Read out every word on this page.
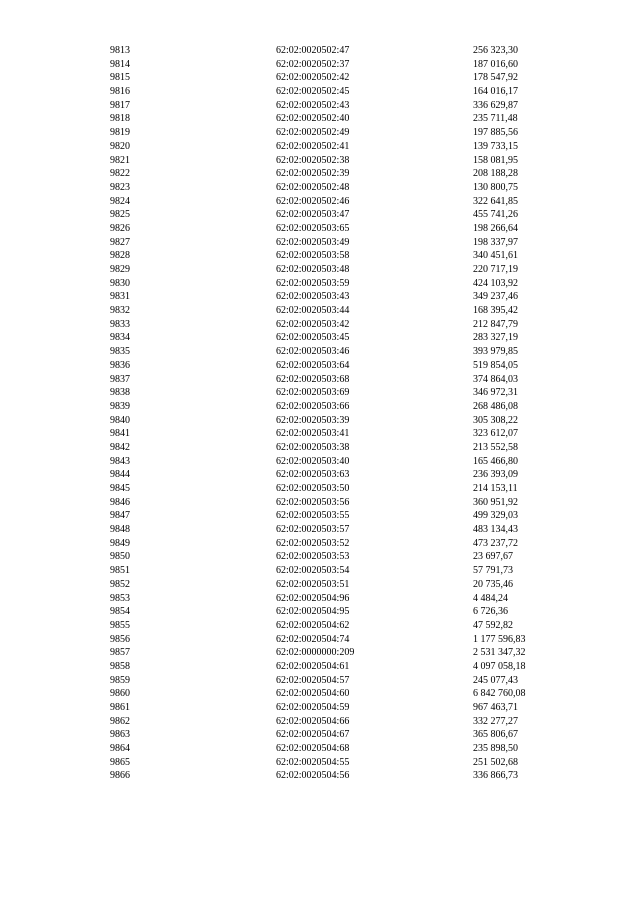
9813	62:02:0020502:47	256 323,30
9814	62:02:0020502:37	187 016,60
9815	62:02:0020502:42	178 547,92
9816	62:02:0020502:45	164 016,17
9817	62:02:0020502:43	336 629,87
9818	62:02:0020502:40	235 711,48
9819	62:02:0020502:49	197 885,56
9820	62:02:0020502:41	139 733,15
9821	62:02:0020502:38	158 081,95
9822	62:02:0020502:39	208 188,28
9823	62:02:0020502:48	130 800,75
9824	62:02:0020502:46	322 641,85
9825	62:02:0020503:47	455 741,26
9826	62:02:0020503:65	198 266,64
9827	62:02:0020503:49	198 337,97
9828	62:02:0020503:58	340 451,61
9829	62:02:0020503:48	220 717,19
9830	62:02:0020503:59	424 103,92
9831	62:02:0020503:43	349 237,46
9832	62:02:0020503:44	168 395,42
9833	62:02:0020503:42	212 847,79
9834	62:02:0020503:45	283 327,19
9835	62:02:0020503:46	393 979,85
9836	62:02:0020503:64	519 854,05
9837	62:02:0020503:68	374 864,03
9838	62:02:0020503:69	346 972,31
9839	62:02:0020503:66	268 486,08
9840	62:02:0020503:39	305 308,22
9841	62:02:0020503:41	323 612,07
9842	62:02:0020503:38	213 552,58
9843	62:02:0020503:40	165 466,80
9844	62:02:0020503:63	236 393,09
9845	62:02:0020503:50	214 153,11
9846	62:02:0020503:56	360 951,92
9847	62:02:0020503:55	499 329,03
9848	62:02:0020503:57	483 134,43
9849	62:02:0020503:52	473 237,72
9850	62:02:0020503:53	23 697,67
9851	62:02:0020503:54	57 791,73
9852	62:02:0020503:51	20 735,46
9853	62:02:0020504:96	4 484,24
9854	62:02:0020504:95	6 726,36
9855	62:02:0020504:62	47 592,82
9856	62:02:0020504:74	1 177 596,83
9857	62:02:0000000:209	2 531 347,32
9858	62:02:0020504:61	4 097 058,18
9859	62:02:0020504:57	245 077,43
9860	62:02:0020504:60	6 842 760,08
9861	62:02:0020504:59	967 463,71
9862	62:02:0020504:66	332 277,27
9863	62:02:0020504:67	365 806,67
9864	62:02:0020504:68	235 898,50
9865	62:02:0020504:55	251 502,68
9866	62:02:0020504:56	336 866,73
